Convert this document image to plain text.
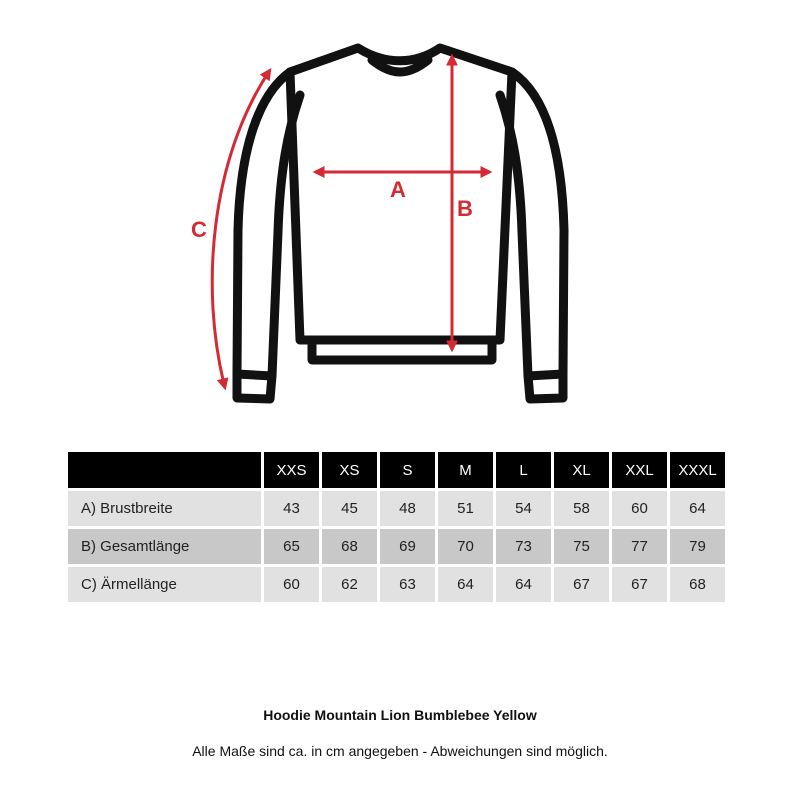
A
B
C
	XXS	XS	S	M	L	XL	XXL	XXXL
A) Brustbreite	43	45	48	51	54	58	60	64
B) Gesamtlänge	65	68	69	70	73	75	77	79
C) Ärmellänge	60	62	63	64	64	67	67	68
Hoodie Mountain Lion Bumblebee Yellow
Alle Maße sind ca. in cm angegeben - Abweichungen sind möglich.
